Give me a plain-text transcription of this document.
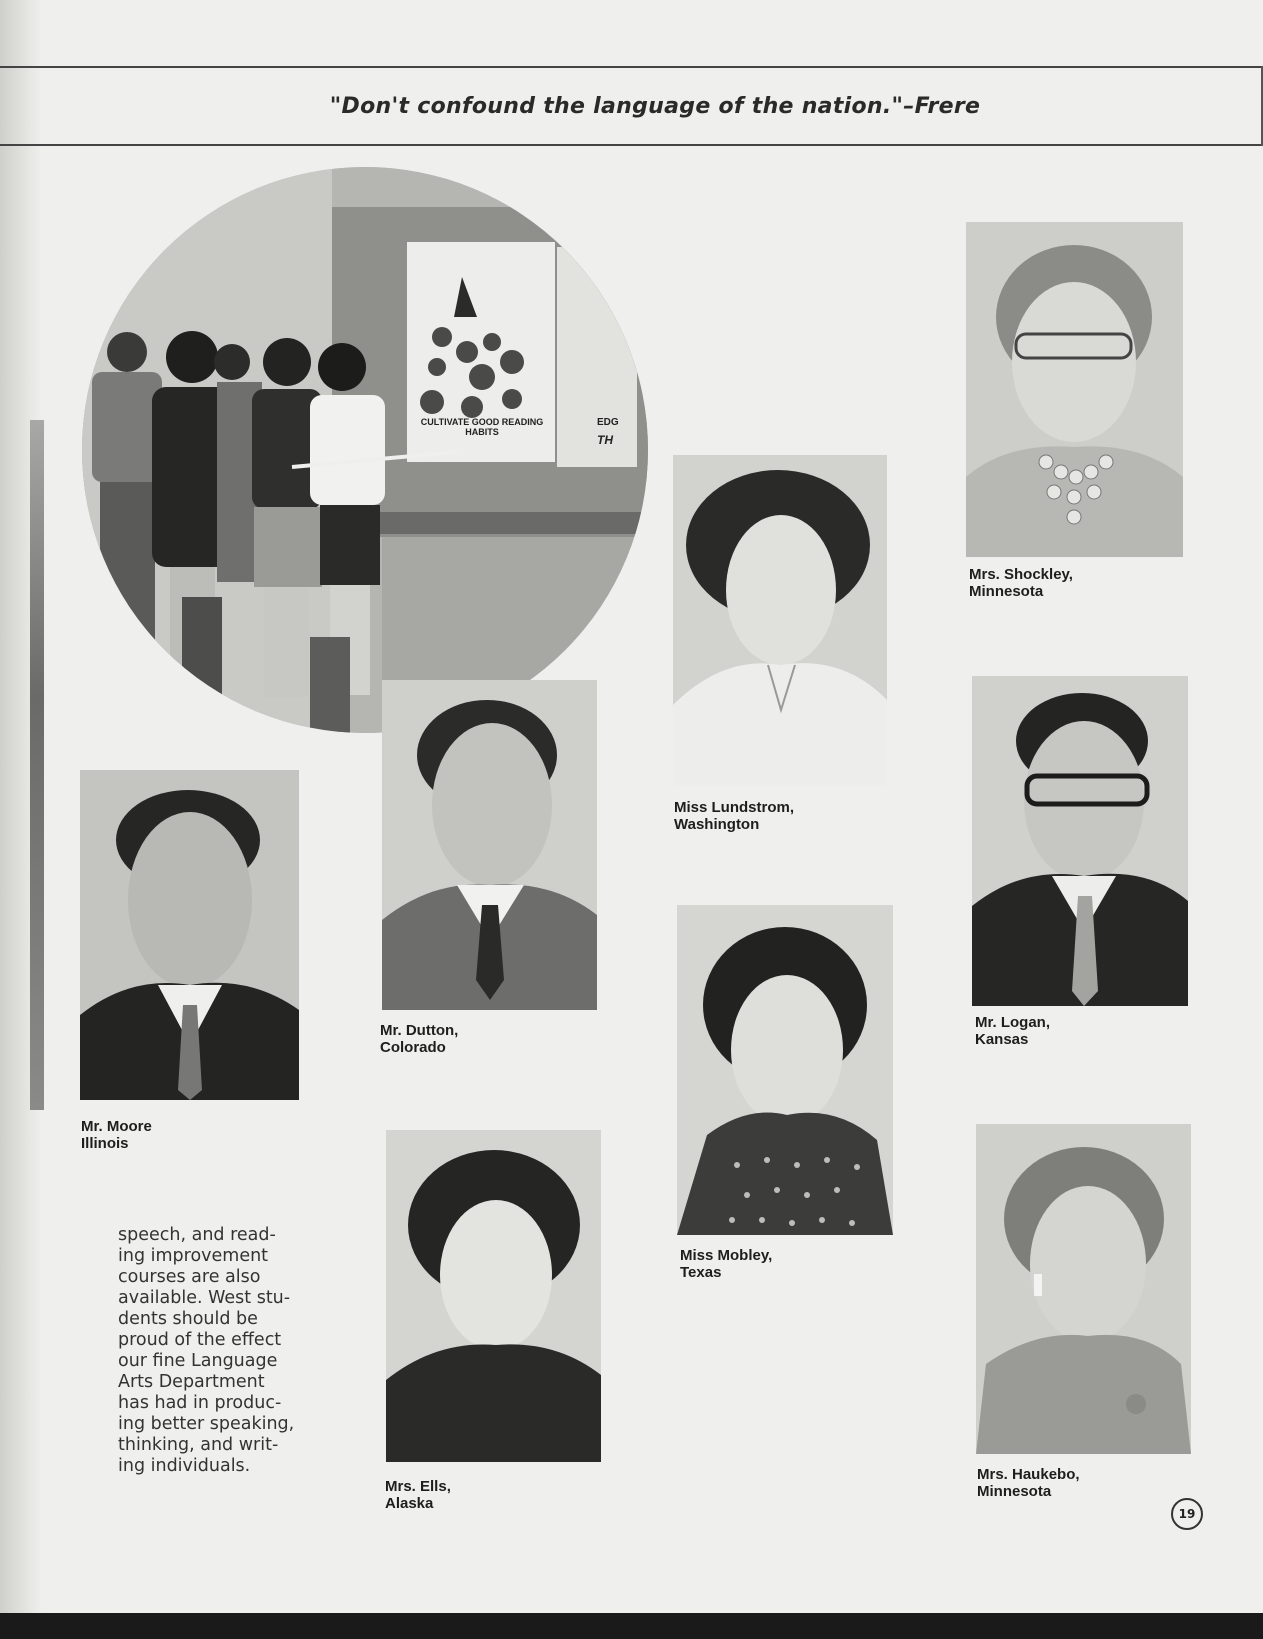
"Don't confound the language of the nation."–Frere
CULTIVATE GOOD READING HABITS
EDG
TH
Mrs. Shockley,
Minnesota
Miss Lundstrom,
Washington
Mr. Dutton,
Colorado
Mr. Moore
Illinois
Mr. Logan,
Kansas
Miss Mobley,
Texas
Mrs. Ells,
Alaska
Mrs. Haukebo,
Minnesota
speech, and read-
ing improvement
courses are also
available. West stu-
dents should be
proud of the effect
our fine Language
Arts Department
has had in produc-
ing better speaking,
thinking, and writ-
ing individuals.
19
